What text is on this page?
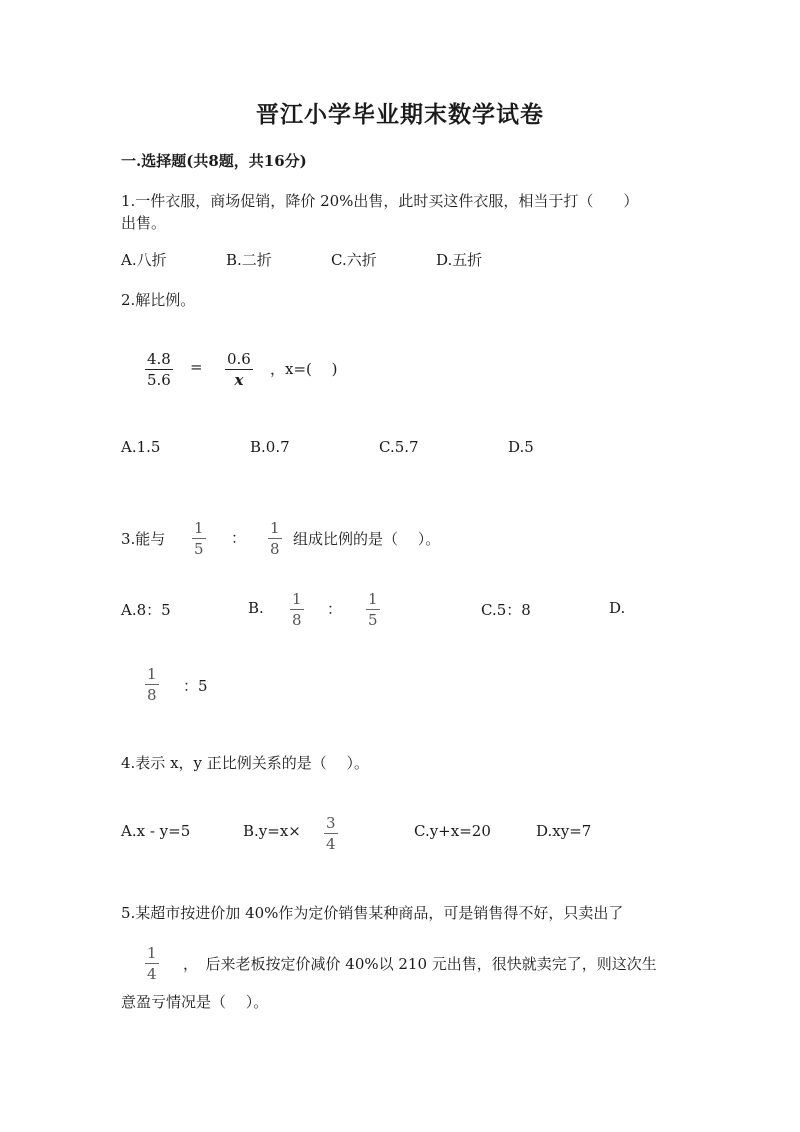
晋江小学毕业期末数学试卷
一.选择题(共8题，共16分)
1.一件衣服，商场促销，降价 20%出售，此时买这件衣服，相当于打（　　）
出售。
A.八折	B.二折	C.六折	D.五折
2.解比例。
$\frac{4.8}{5.6} = \frac{0.6}{x}$ ，x=(　 )
A.1.5	B.0.7	C.5.7	D.5
3.能与 $\frac{1}{5}$ ： $\frac{1}{8}$ 组成比例的是（　 ）。
A.8：5	B. $\frac{1}{8}$ ： $\frac{1}{5}$	C.5：8	D.
$\frac{1}{8}$ ：5
4.表示 x，y 正比例关系的是（　 ）。
A.x - y=5	$B.y=x\times \frac{3}{4}$	C.y+x=20	D.xy=7
5.某超市按进价加 40%作为定价销售某种商品，可是销售得不好，只卖出了
$\frac{1}{4}$ ，　后来老板按定价减价 40%以 210 元出售，很快就卖完了，则这次生
意盈亏情况是（　 ）。
